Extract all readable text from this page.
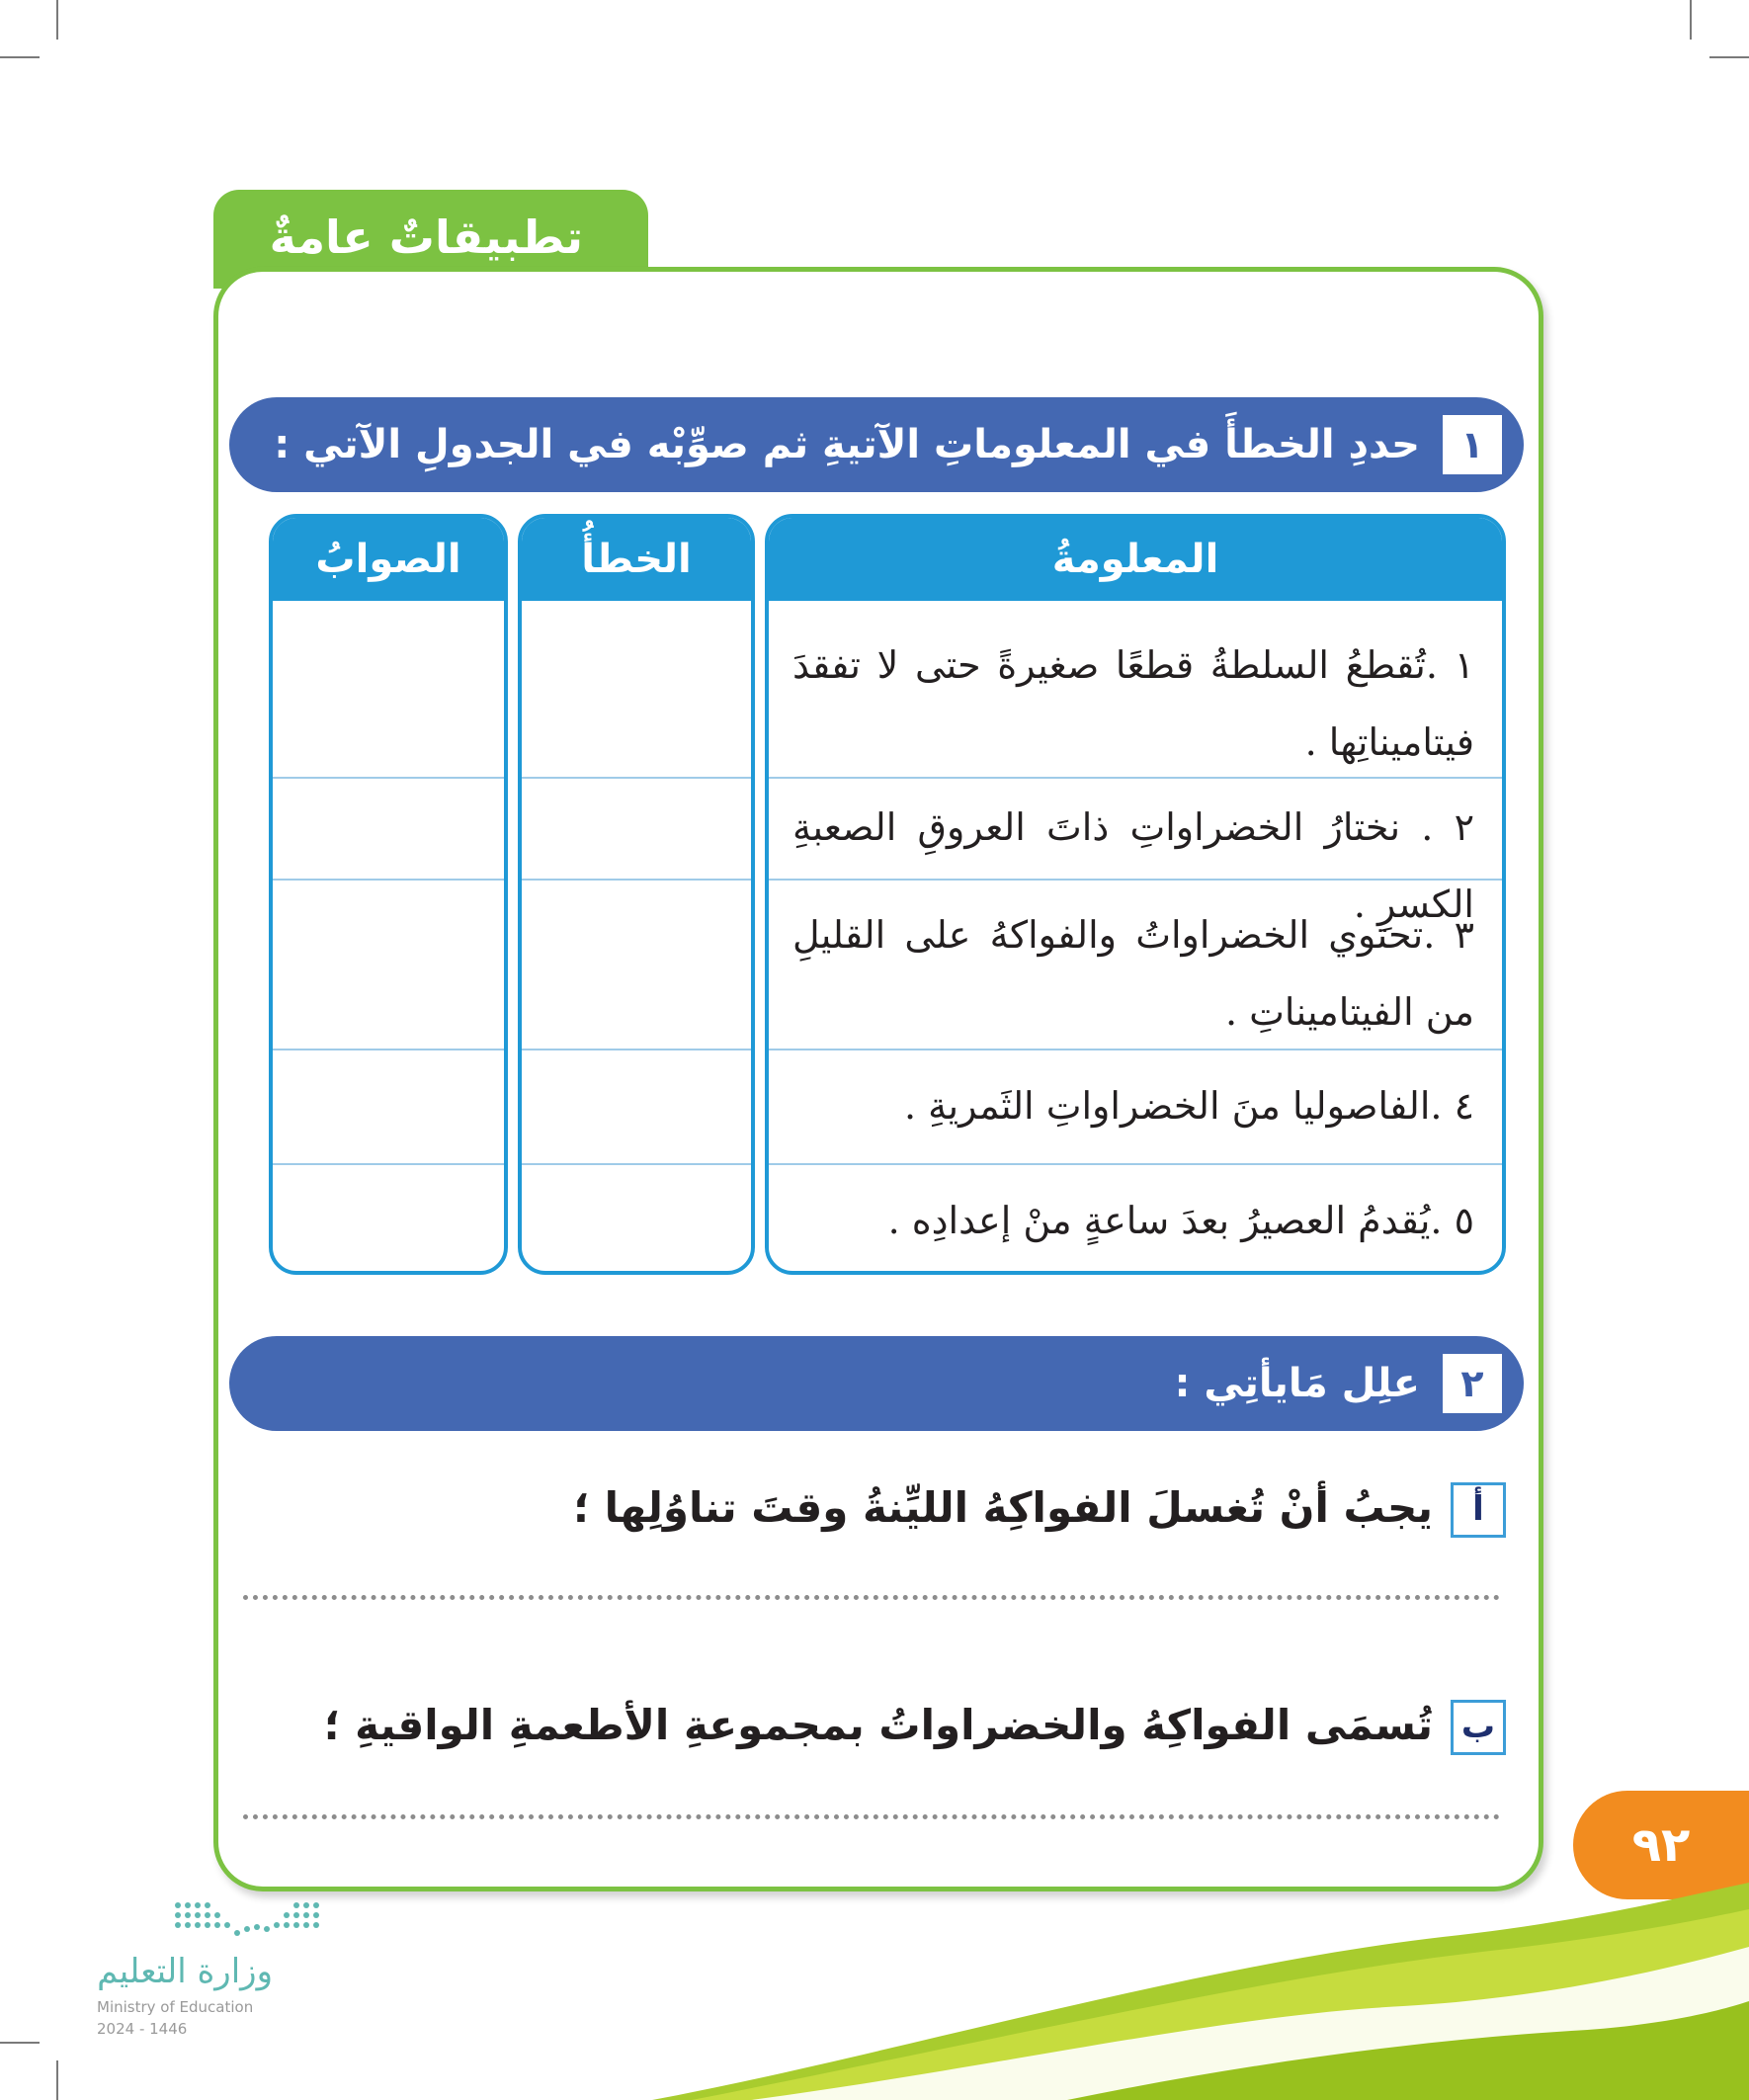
تطبيقاتٌ عامةٌ
١
حددِ الخطأَ في المعلوماتِ الآتيةِ ثم صوِّبْه في الجدولِ الآتي :
المعلومةُ
١ .تُقطعُ السلطةُ قطعًا صغيرةً حتى لا تفقدَ فيتاميناتِها .
٢ . نختارُ الخضراواتِ ذاتَ العروقِ الصعبةِ الكسرِ .
٣ .تحتوي الخضراواتُ والفواكهُ على القليلِ من الفيتاميناتِ .
٤ .الفاصوليا منَ الخضراواتِ الثَمريةِ .
٥ .يُقدمُ العصيرُ بعدَ ساعةٍ منْ إعدادِه .
الخطأُ
الصوابُ
٢
علِل مَايأتِي :
أ
يجبُ أنْ تُغسلَ الفواكِهُ الليِّنةُ وقتَ تناوُلِها ؛
ب
تُسمَى الفواكِهُ والخضراواتُ بمجموعةِ الأطعمةِ الواقيةِ ؛
٩٢
وزارة التعليم
Ministry of Education
2024 - 1446
